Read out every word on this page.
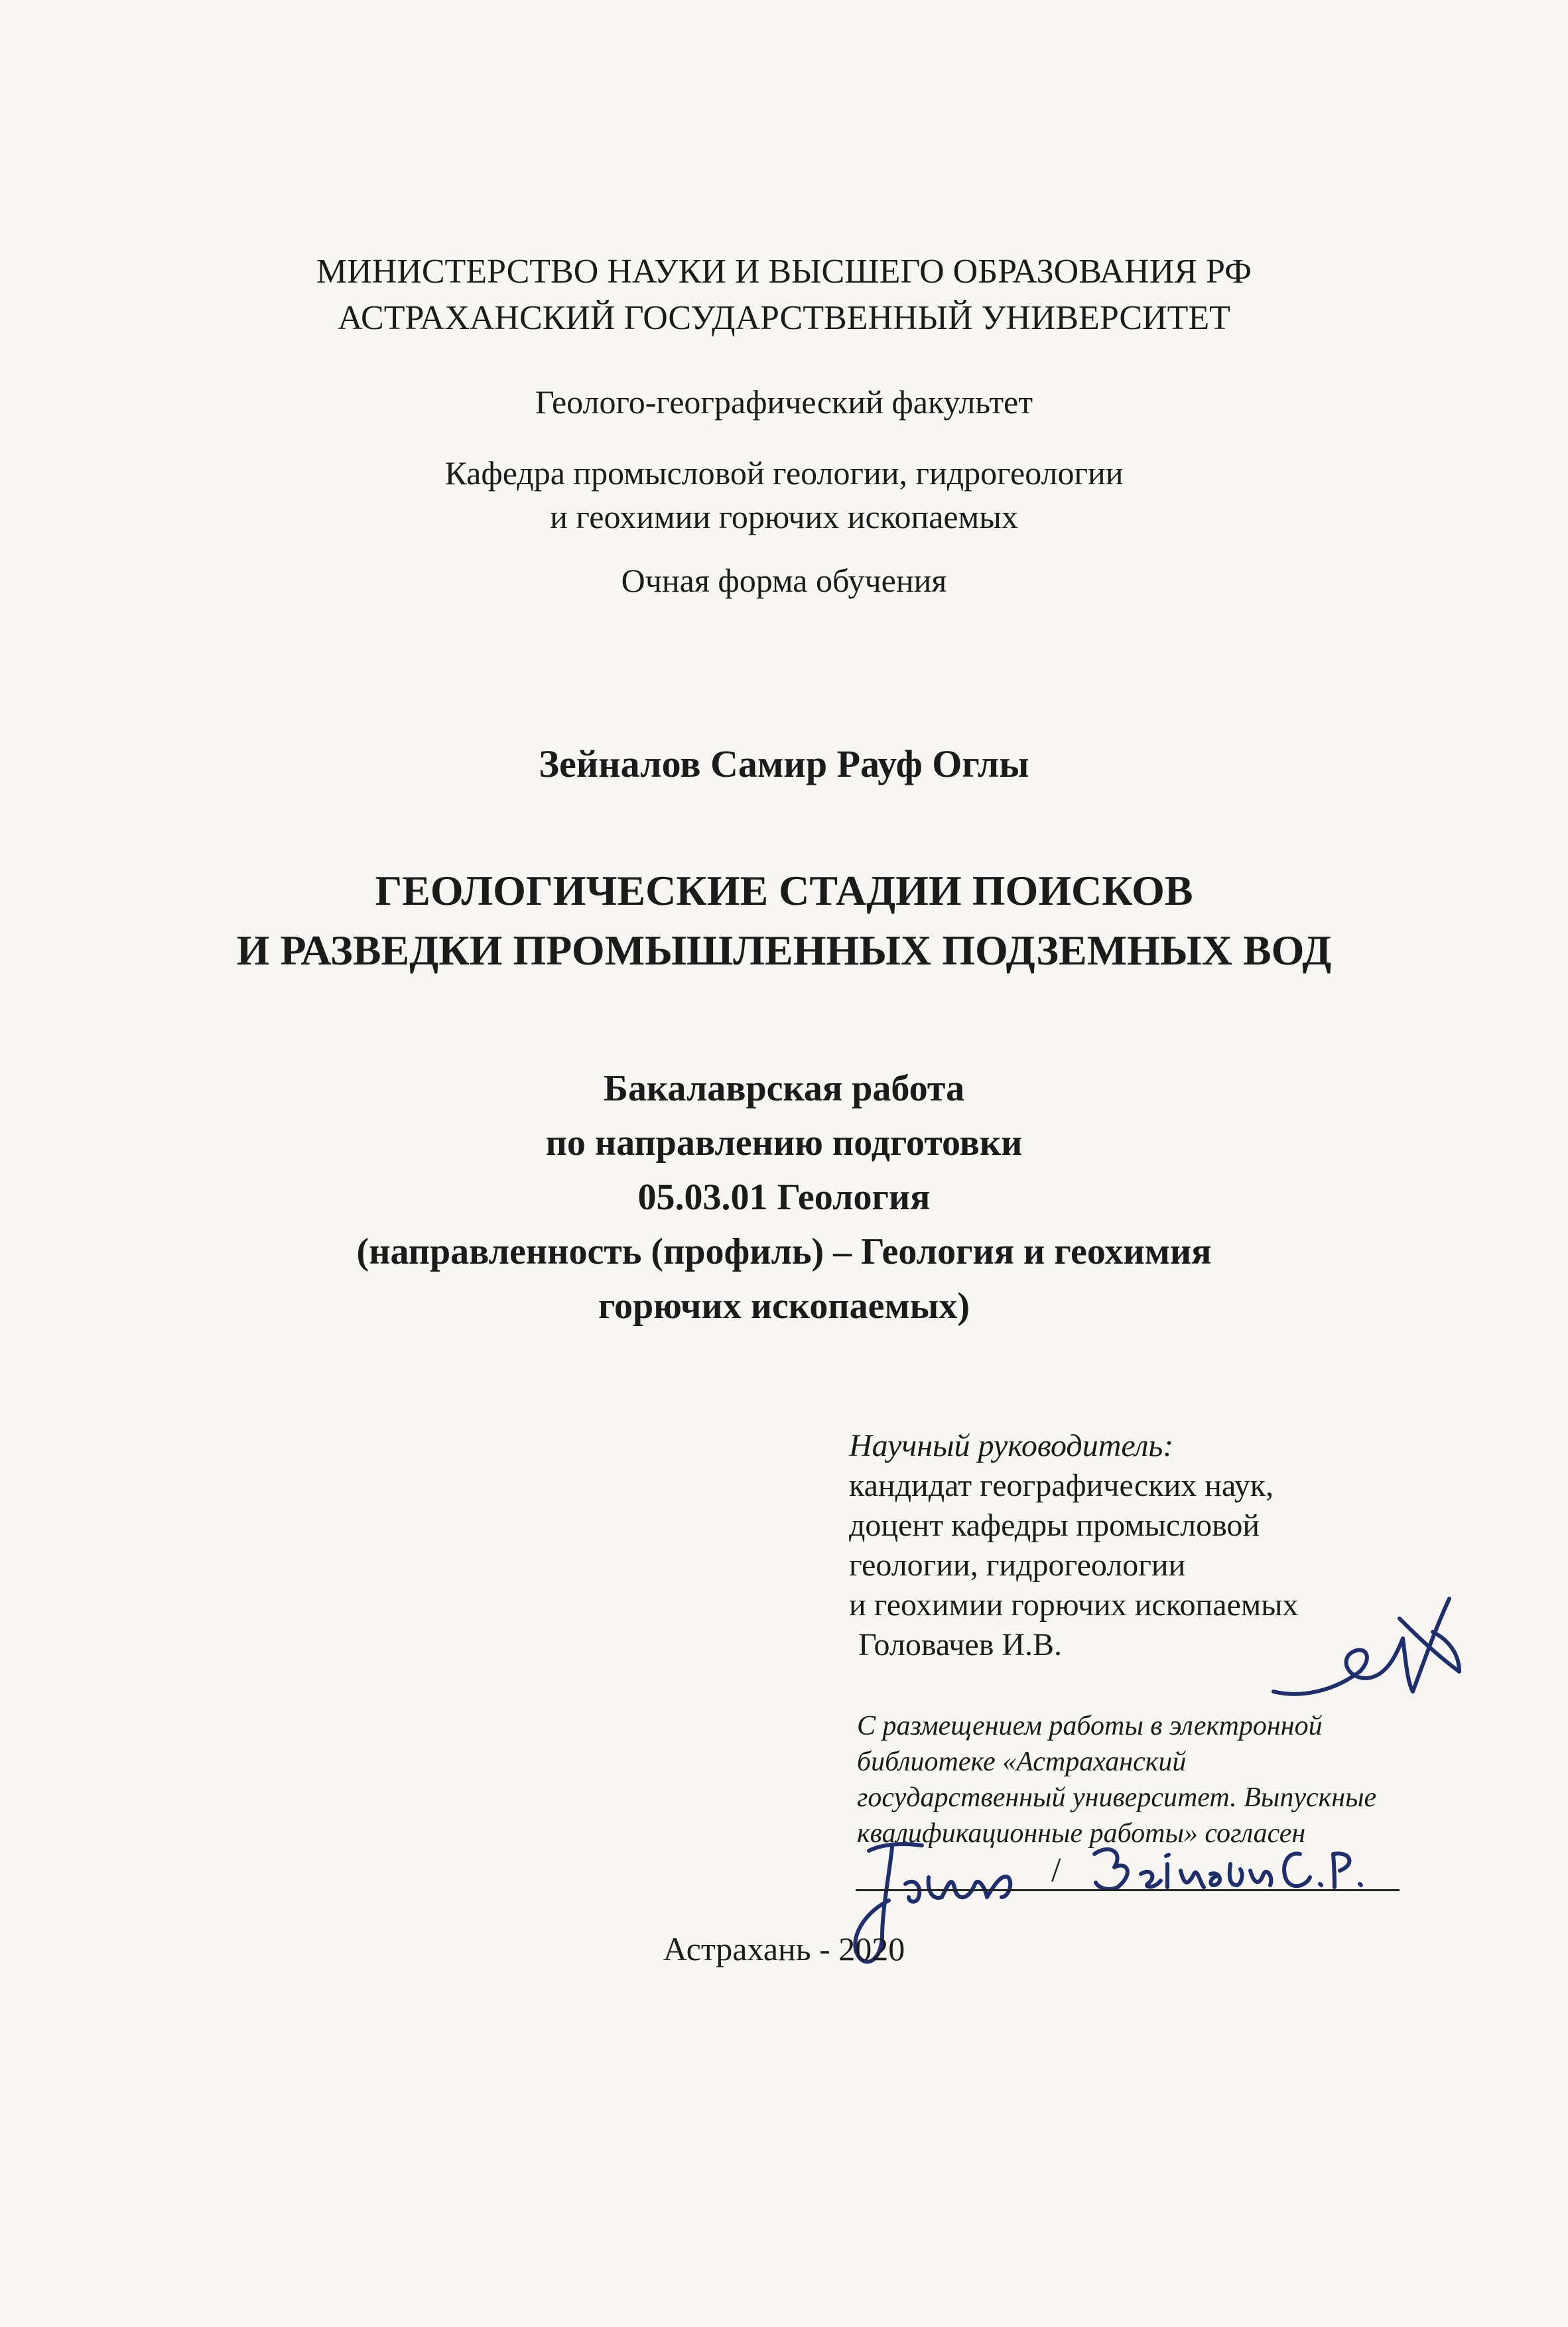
МИНИСТЕРСТВО НАУКИ И ВЫСШЕГО ОБРАЗОВАНИЯ РФ

АСТРАХАНСКИЙ ГОСУДАРСТВЕННЫЙ УНИВЕРСИТЕТ

Геолого-географический факультет

Кафедра промысловой геологии, гидрогеологии

и геохимии горючих ископаемых

Очная форма обучения

Зейналов Самир Рауф Оглы

ГЕОЛОГИЧЕСКИЕ СТАДИИ ПОИСКОВ

И РАЗВЕДКИ ПРОМЫШЛЕННЫХ ПОДЗЕМНЫХ ВОД

Бакалаврская работа

по направлению подготовки

05.03.01 Геология

(направленность (профиль) – Геология и геохимия

горючих ископаемых)

Научный руководитель:

кандидат географических наук,

доцент кафедры промысловой

геологии, гидрогеологии

и геохимии горючих ископаемых

Головачев И.В.

С размещением работы в электронной

библиотеке «Астраханский

государственный университет. Выпускные

квалификационные работы» согласен

/

Астрахань - 2020
